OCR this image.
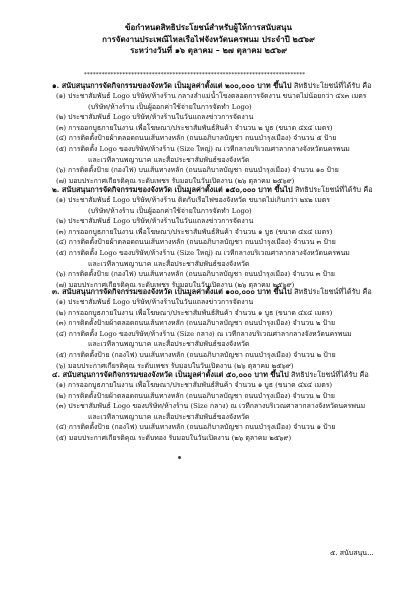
ข้อกำหนดสิทธิประโยชน์สำหรับผู้ให้การสนับสนุน
การจัดงานประเพณีไหลเรือไฟจังหวัดนครพนม ประจำปี ๒๕๖๙
ระหว่างวันที่ ๑๖ ตุลาคม – ๒๗ ตุลาคม ๒๕๖๙
***************************************************************************
๑. สนับสนุนการจัดกิจกรรมของจังหวัด เป็นมูลค่าตั้งแต่ ๒๐๐,๐๐๐ บาท ขึ้นไป สิทธิประโยชน์ที่ได้รับ คือ
(๑) ประชาสัมพันธ์ Logo บริษัท/ห้างร้าน กลางลำแม่น้ำโขงตลอดการจัดงาน ขนาดไม่น้อยกว่า ๔x๓ เมตร
(บริษัท/ห้างร้าน เป็นผู้ออกค่าใช้จ่ายในการจัดทำ Logo)
(๒) ประชาสัมพันธ์ Logo บริษัท/ห้างร้านในวันแถลงข่าวการจัดงาน
(๓) การออกบูธภายในงาน เพื่อโฆษณา/ประชาสัมพันธ์สินค้า จำนวน ๒ บูธ (ขนาด ๔x๔ เมตร)
(๔) การติดตั้งป้ายผ้าตลอดถนนเส้นทางหลัก (ถนนอภิบาลบัญชา ถนนบำรุงเมือง) จำนวน ๕ ป้าย
(๕) การติดตั้ง Logo ของบริษัท/ห้างร้าน (Size ใหญ่) ณ เวทีกลางบริเวณศาลากลางจังหวัดนครพนม
และเวทีลานพญานาค และสื่อประชาสัมพันธ์ของจังหวัด
(๖) การติดตั้งป้าย (กองไฟ) บนเส้นทางหลัก (ถนนอภิบาลบัญชา ถนนบำรุงเมือง) จำนวน ๑๐ ป้าย
(๗) มอบประกาศเกียรติคุณ ระดับเพชร รับมอบในวันเปิดงาน (๒๖ ตุลาคม ๒๕๖๙)
๒. สนับสนุนการจัดกิจกรรมของจังหวัด เป็นมูลค่าตั้งแต่ ๑๕๐,๐๐๐ บาท ขึ้นไป สิทธิประโยชน์ที่ได้รับ คือ
(๑) ประชาสัมพันธ์ Logo บริษัท/ห้างร้าน ติดกับเรือไฟของจังหวัด ขนาดไม่เกินกว่า ๒x๒ เมตร
(บริษัท/ห้างร้าน เป็นผู้ออกค่าใช้จ่ายในการจัดทำ Logo)
(๒) ประชาสัมพันธ์ Logo บริษัท/ห้างร้านในวันแถลงข่าวการจัดงาน
(๓) การออกบูธภายในงาน เพื่อโฆษณา/ประชาสัมพันธ์สินค้า จำนวน ๑ บูธ (ขนาด ๔x๔ เมตร)
(๔) การติดตั้งป้ายผ้าตลอดถนนเส้นทางหลัก (ถนนอภิบาลบัญชา ถนนบำรุงเมือง) จำนวน ๓ ป้าย
(๕) การติดตั้ง Logo ของบริษัท/ห้างร้าน (Size ใหญ่) ณ เวทีกลางบริเวณศาลากลางจังหวัดนครพนม
และเวทีลานพญานาค และสื่อประชาสัมพันธ์ของจังหวัด
(๖) การติดตั้งป้าย (กองไฟ) บนเส้นทางหลัก (ถนนอภิบาลบัญชา ถนนบำรุงเมือง) จำนวน ๓ ป้าย
(๗) มอบประกาศเกียรติคุณ ระดับเพชร รับมอบในวันเปิดงาน (๒๖ ตุลาคม ๒๕๖๙)
๓. สนับสนุนการจัดกิจกรรมของจังหวัด เป็นมูลค่าตั้งแต่ ๑๐๐,๐๐๐ บาท ขึ้นไป สิทธิประโยชน์ที่ได้รับ คือ
(๑) ประชาสัมพันธ์ Logo บริษัท/ห้างร้านในวันแถลงข่าวการจัดงาน
(๒) การออกบูธภายในงาน เพื่อโฆษณา/ประชาสัมพันธ์สินค้า จำนวน ๑ บูธ (ขนาด ๔x๔ เมตร)
(๓) การติดตั้งป้ายผ้าตลอดถนนเส้นทางหลัก (ถนนอภิบาลบัญชา ถนนบำรุงเมือง) จำนวน ๒ ป้าย
(๔) การติดตั้ง Logo ของบริษัท/ห้างร้าน (Size กลาง) ณ เวทีกลางบริเวณศาลากลางจังหวัดนครพนม
และเวทีลานพญานาค และสื่อประชาสัมพันธ์ของจังหวัด
(๕) การติดตั้งป้าย (กองไฟ) บนเส้นทางหลัก (ถนนอภิบาลบัญชา ถนนบำรุงเมือง) จำนวน ๒ ป้าย
(๖) มอบประกาศเกียรติคุณ ระดับเพชร รับมอบในวันเปิดงาน (๒๖ ตุลาคม ๒๕๖๙)
๔. สนับสนุนการจัดกิจกรรมของจังหวัด เป็นมูลค่าตั้งแต่ ๕๐,๐๐๐ บาท ขึ้นไป สิทธิประโยชน์ที่ได้รับ คือ
(๑) การออกบูธภายในงาน เพื่อโฆษณา/ประชาสัมพันธ์สินค้า จำนวน ๑ บูธ (ขนาด ๔x๔ เมตร)
(๒) การติดตั้งป้ายผ้าตลอดถนนเส้นทางหลัก (ถนนอภิบาลบัญชา ถนนบำรุงเมือง) จำนวน ๒ ป้าย
(๓) ประชาสัมพันธ์ Logo ของบริษัท/ห้างร้าน (Size กลาง) ณ เวทีกลางบริเวณศาลากลางจังหวัดนครพนม
และเวทีลานพญานาค และสื่อประชาสัมพันธ์ของจังหวัด
(๔) การติดตั้งป้าย (กองไฟ) บนเส้นทางหลัก (ถนนอภิบาลบัญชา ถนนบำรุงเมือง) จำนวน ๑ ป้าย
(๕) มอบประกาศเกียรติคุณ ระดับทอง รับมอบในวันเปิดงาน (๒๖ ตุลาคม ๒๕๖๙)
๕. สนับสนุน...
